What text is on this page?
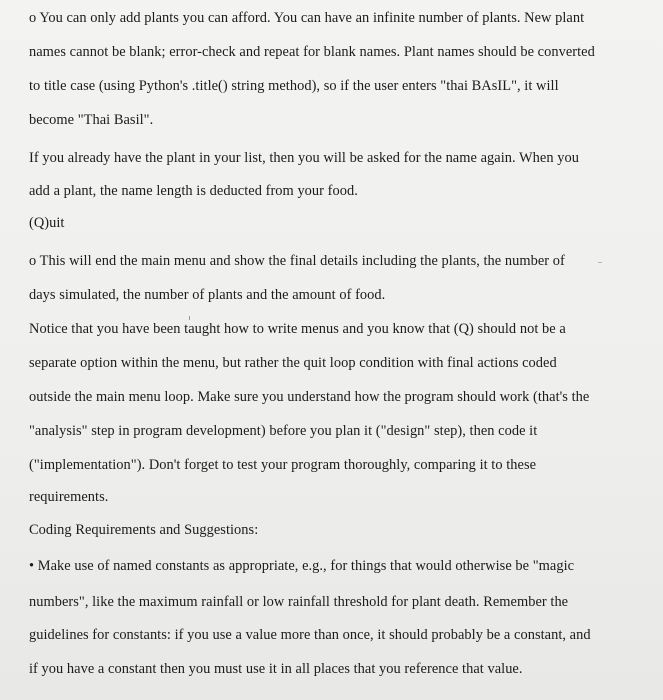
o You can only add plants you can afford. You can have an infinite number of plants. New plant
names cannot be blank; error-check and repeat for blank names. Plant names should be converted
to title case (using Python's .title() string method), so if the user enters "thai BAsIL", it will
become "Thai Basil".
If you already have the plant in your list, then you will be asked for the name again. When you
add a plant, the name length is deducted from your food.
(Q)uit
o This will end the main menu and show the final details including the plants, the number of
days simulated, the number of plants and the amount of food.
Notice that you have been taught how to write menus and you know that (Q) should not be a
separate option within the menu, but rather the quit loop condition with final actions coded
outside the main menu loop. Make sure you understand how the program should work (that's the
"analysis" step in program development) before you plan it ("design" step), then code it
("implementation"). Don't forget to test your program thoroughly, comparing it to these
requirements.
Coding Requirements and Suggestions:
• Make use of named constants as appropriate, e.g., for things that would otherwise be "magic
numbers", like the maximum rainfall or low rainfall threshold for plant death. Remember the
guidelines for constants: if you use a value more than once, it should probably be a constant, and
if you have a constant then you must use it in all places that you reference that value.
